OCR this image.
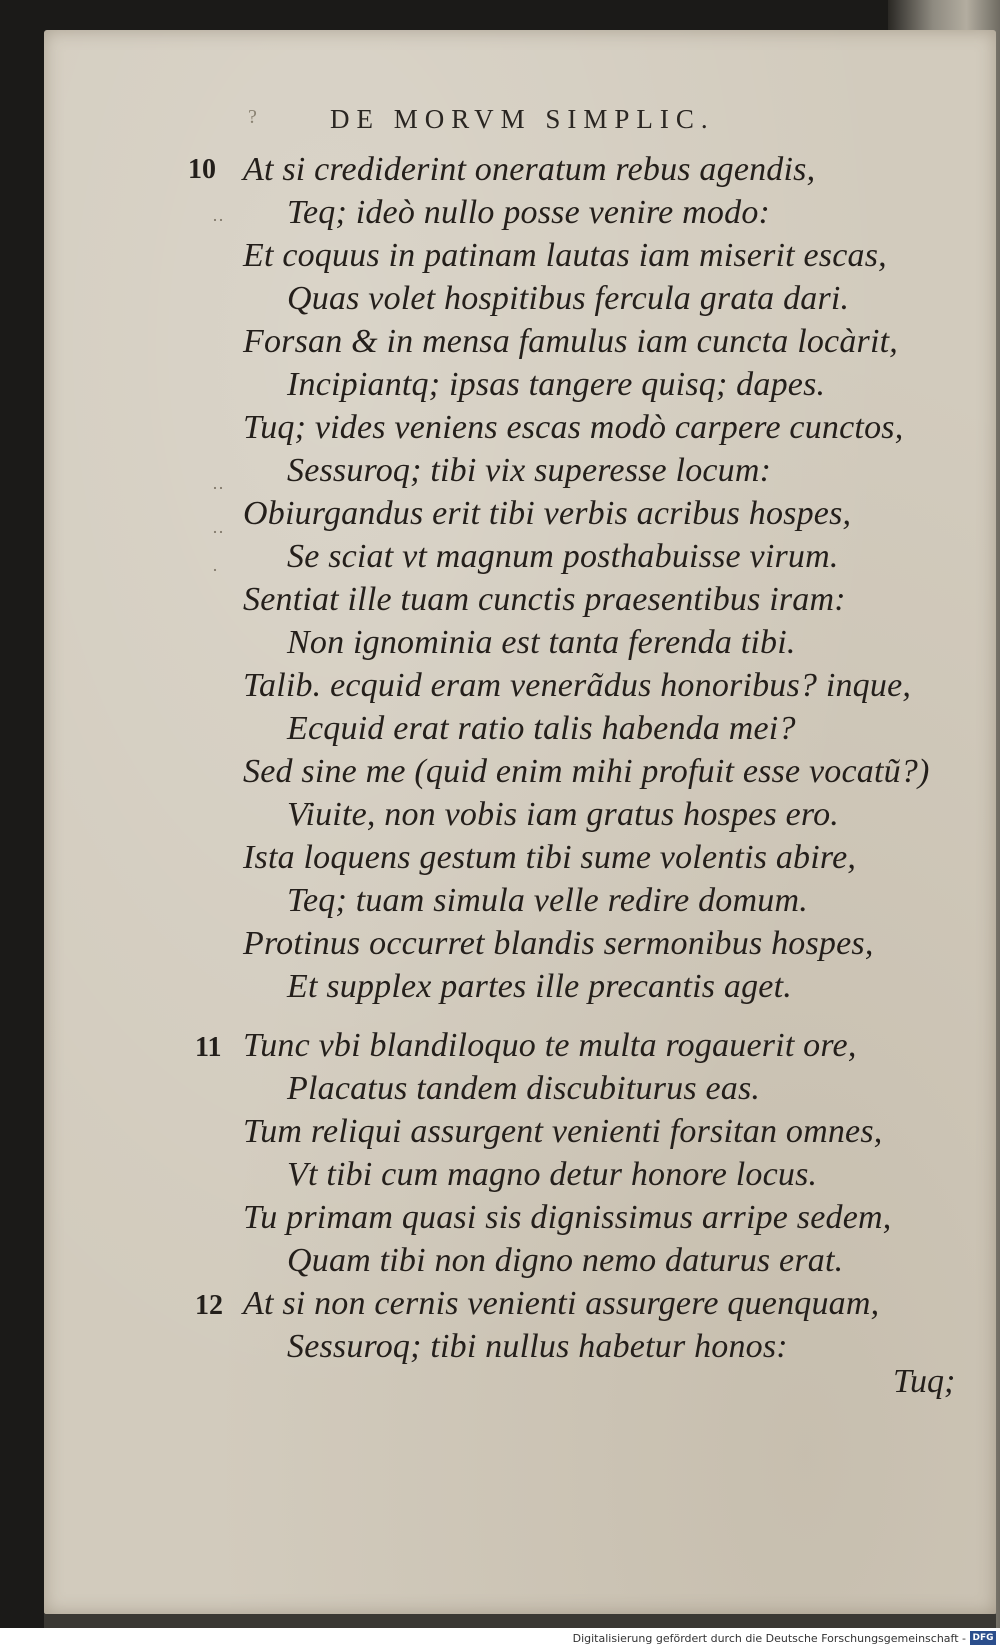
?	DE MORVM SIMPLIC.
··
··
··
·
10
11
12
At si crediderint oneratum rebus agendis,
Teq; ideò nullo posse venire modo:
Et coquus in patinam lautas iam miserit escas,
Quas volet hospitibus fercula grata dari.
Forsan & in mensa famulus iam cuncta locàrit,
Incipiantq; ipsas tangere quisq; dapes.
Tuq; vides veniens escas modò carpere cunctos,
Sessuroq; tibi vix superesse locum:
Obiurgandus erit tibi verbis acribus hospes,
Se sciat vt magnum posthabuisse virum.
Sentiat ille tuam cunctis praesentibus iram:
Non ignominia est tanta ferenda tibi.
Talib. ecquid eram venerãdus honoribus? inque,
Ecquid erat ratio talis habenda mei?
Sed sine me (quid enim mihi profuit esse vocatũ?)
Viuite, non vobis iam gratus hospes ero.
Ista loquens gestum tibi sume volentis abire,
Teq; tuam simula velle redire domum.
Protinus occurret blandis sermonibus hospes,
Et supplex partes ille precantis aget.
Tunc vbi blandiloquo te multa rogauerit ore,
Placatus tandem discubiturus eas.
Tum reliqui assurgent venienti forsitan omnes,
Vt tibi cum magno detur honore locus.
Tu primam quasi sis dignissimus arripe sedem,
Quam tibi non digno nemo daturus erat.
At si non cernis venienti assurgere quenquam,
Sessuroq; tibi nullus habetur honos:
Tuq;
Digitalisierung gefördert durch die Deutsche Forschungsgemeinschaft - DFG
